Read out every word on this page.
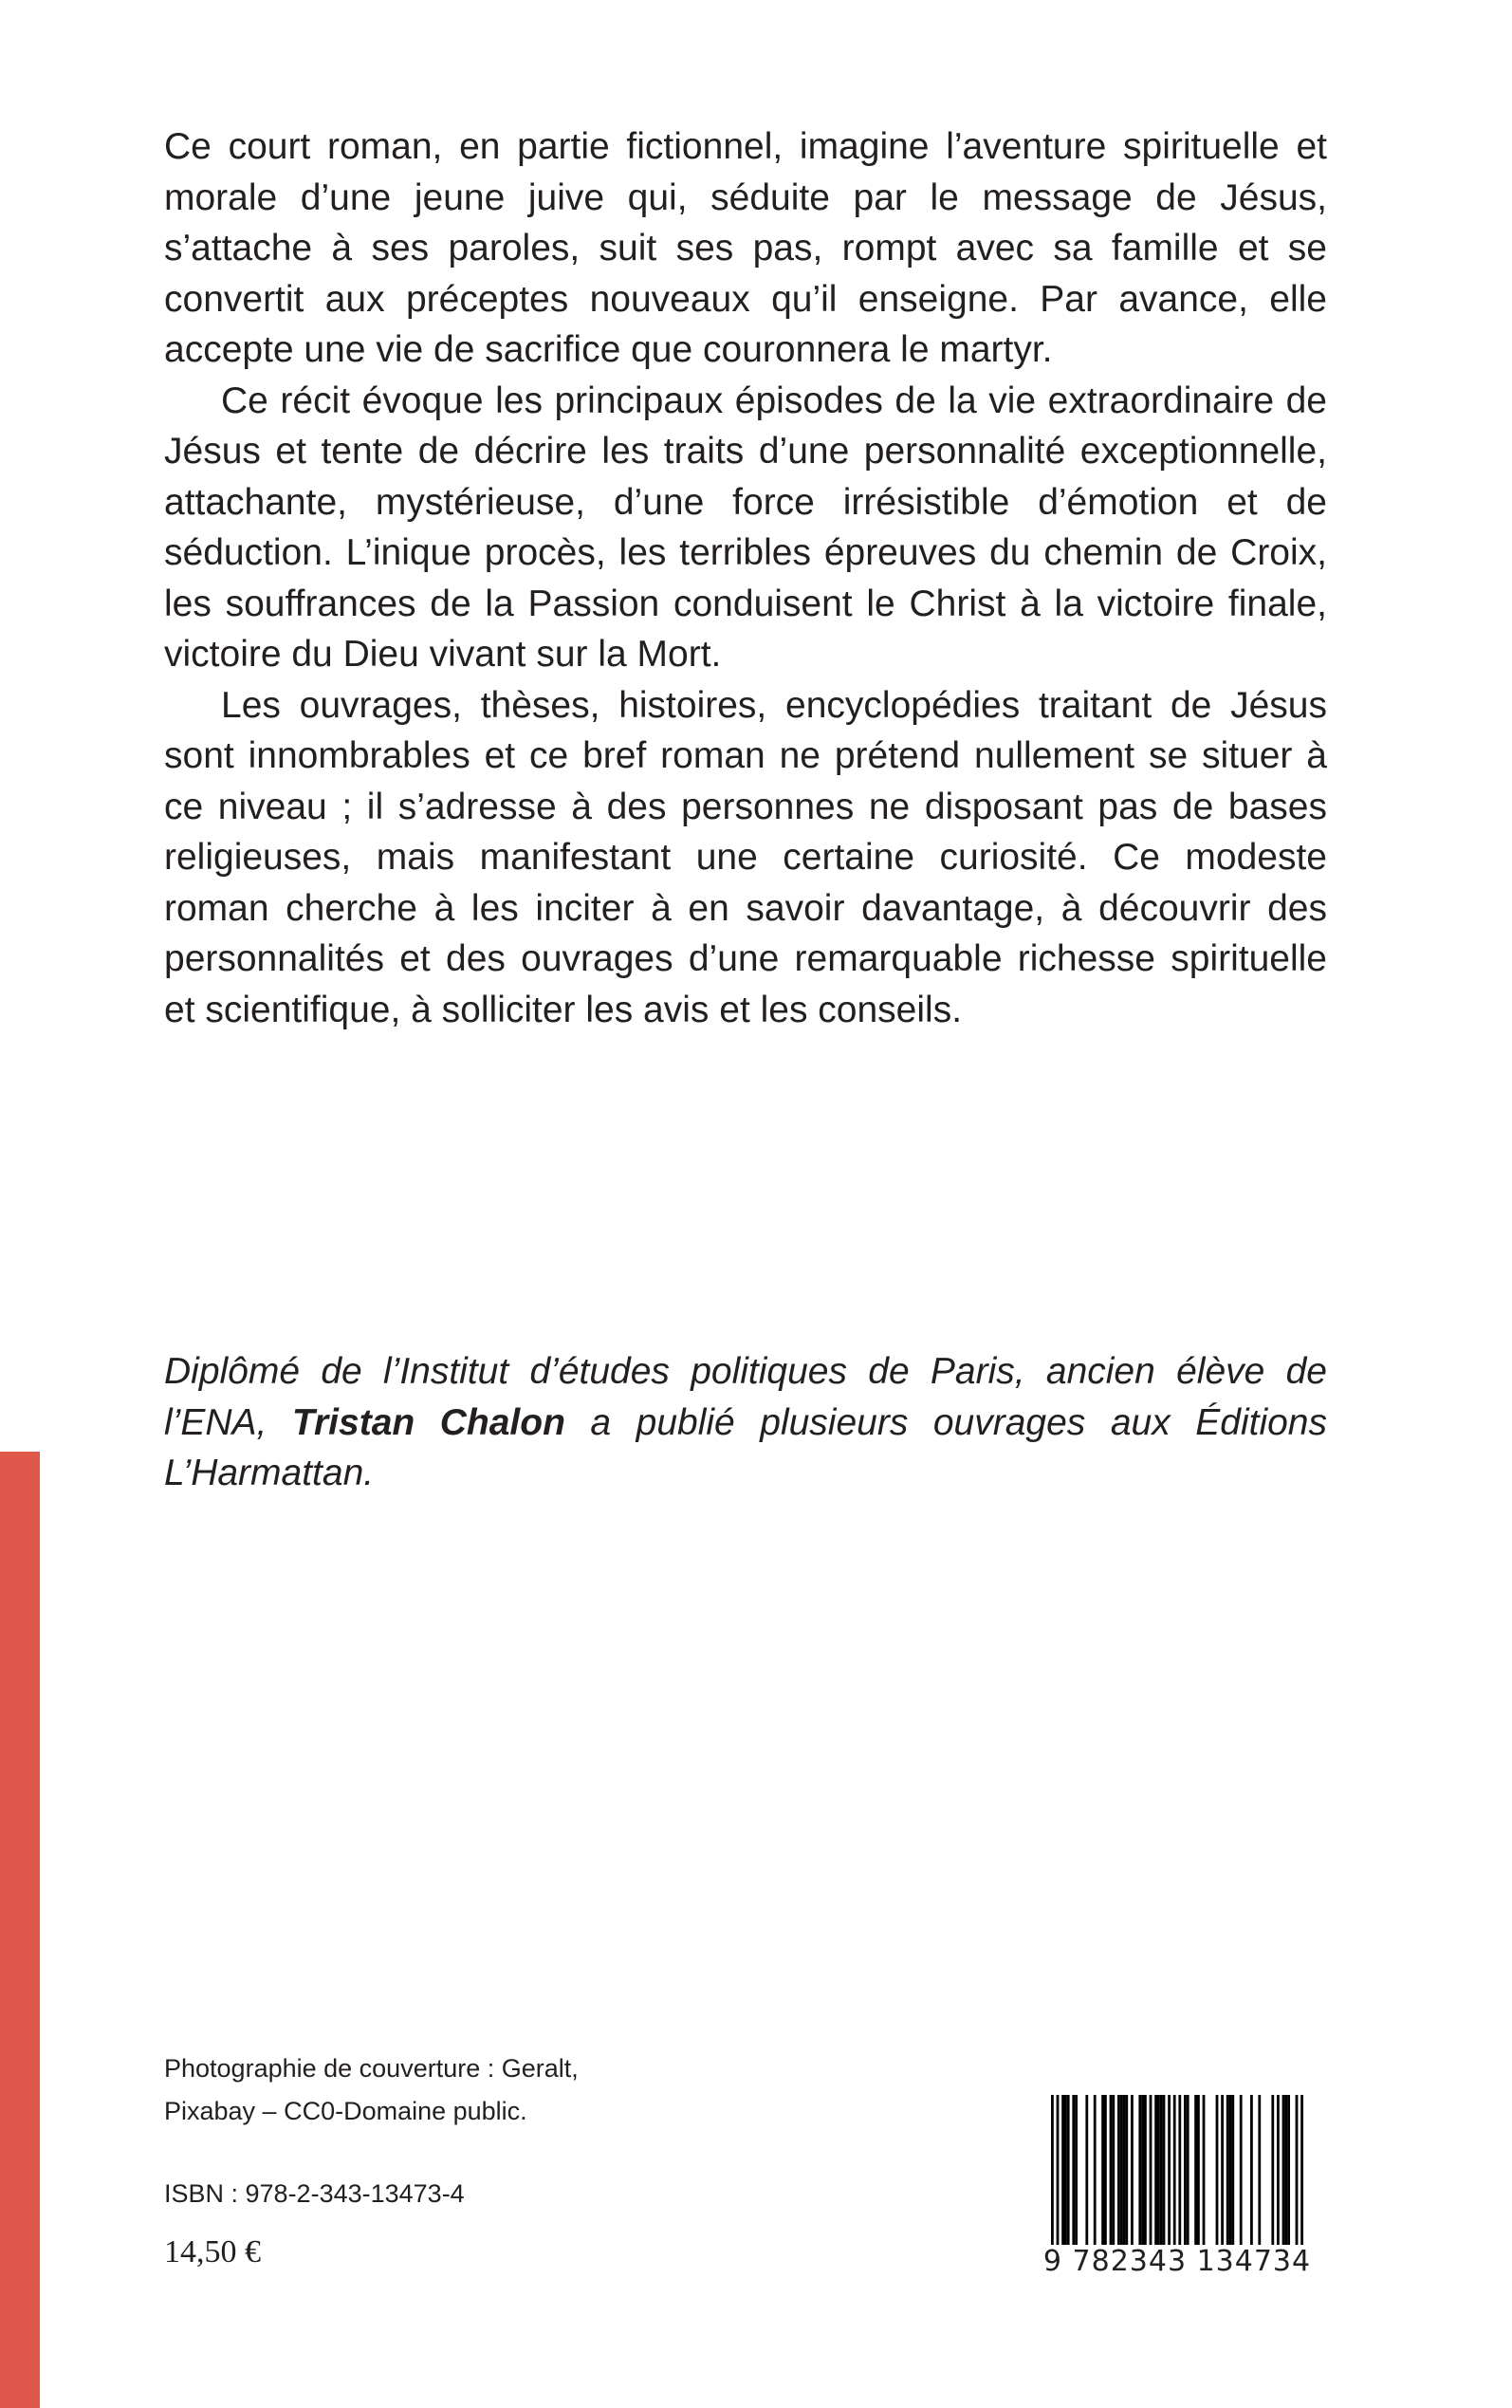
Ce court roman, en partie fictionnel, imagine l’aventure spirituelle et morale d’une jeune juive qui, séduite par le message de Jésus, s’attache à ses paroles, suit ses pas, rompt avec sa famille et se convertit aux préceptes nouveaux qu’il enseigne. Par avance, elle accepte une vie de sacrifice que couronnera le martyr.

Ce récit évoque les principaux épisodes de la vie extraordinaire de Jésus et tente de décrire les traits d’une personnalité exceptionnelle, attachante, mystérieuse, d’une force irrésistible d’émotion et de séduction. L’inique procès, les terribles épreuves du chemin de Croix, les souffrances de la Passion conduisent le Christ à la victoire finale, victoire du Dieu vivant sur la Mort.

Les ouvrages, thèses, histoires, encyclopédies traitant de Jésus sont innombrables et ce bref roman ne prétend nullement se situer à ce niveau ; il s’adresse à des personnes ne disposant pas de bases religieuses, mais manifestant une certaine curiosité. Ce modeste roman cherche à les inciter à en savoir davantage, à découvrir des personnalités et des ouvrages d’une remarquable richesse spirituelle et scientifique, à solliciter les avis et les conseils.

Diplômé de l’Institut d’études politiques de Paris, ancien élève de l’ENA, Tristan Chalon a publié plusieurs ouvrages aux Éditions L’Harmattan.
Photographie de couverture : Geralt,
Pixabay – CC0-Domaine public.
ISBN : 978-2-343-13473-4
14,50 €	9 782343 134734
